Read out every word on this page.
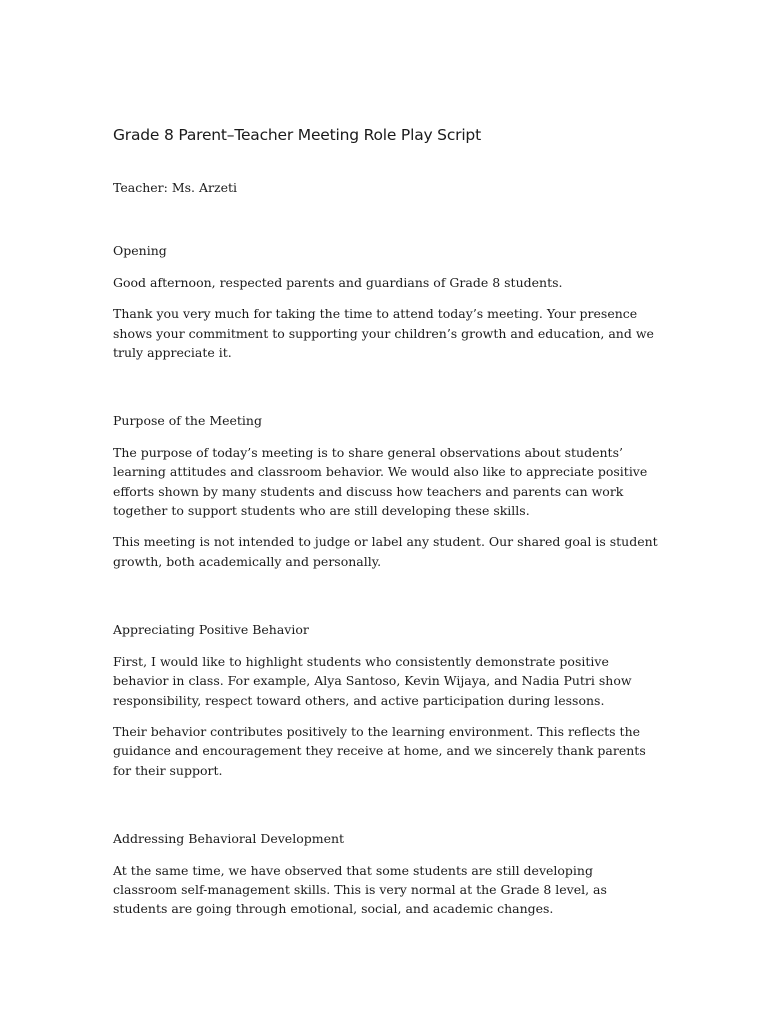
Grade 8 Parent–Teacher Meeting Role Play Script

Teacher: Ms. Arzeti

Opening

Good afternoon, respected parents and guardians of Grade 8 students.

Thank you very much for taking the time to attend today’s meeting. Your presence shows your commitment to supporting your children’s growth and education, and we truly appreciate it.

Purpose of the Meeting

The purpose of today’s meeting is to share general observations about students’ learning attitudes and classroom behavior. We would also like to appreciate positive efforts shown by many students and discuss how teachers and parents can work together to support students who are still developing these skills.

This meeting is not intended to judge or label any student. Our shared goal is student growth, both academically and personally.

Appreciating Positive Behavior

First, I would like to highlight students who consistently demonstrate positive behavior in class. For example, Alya Santoso, Kevin Wijaya, and Nadia Putri show responsibility, respect toward others, and active participation during lessons.

Their behavior contributes positively to the learning environment. This reflects the guidance and encouragement they receive at home, and we sincerely thank parents for their support.

Addressing Behavioral Development

At the same time, we have observed that some students are still developing classroom self-management skills. This is very normal at the Grade 8 level, as students are going through emotional, social, and academic changes.
